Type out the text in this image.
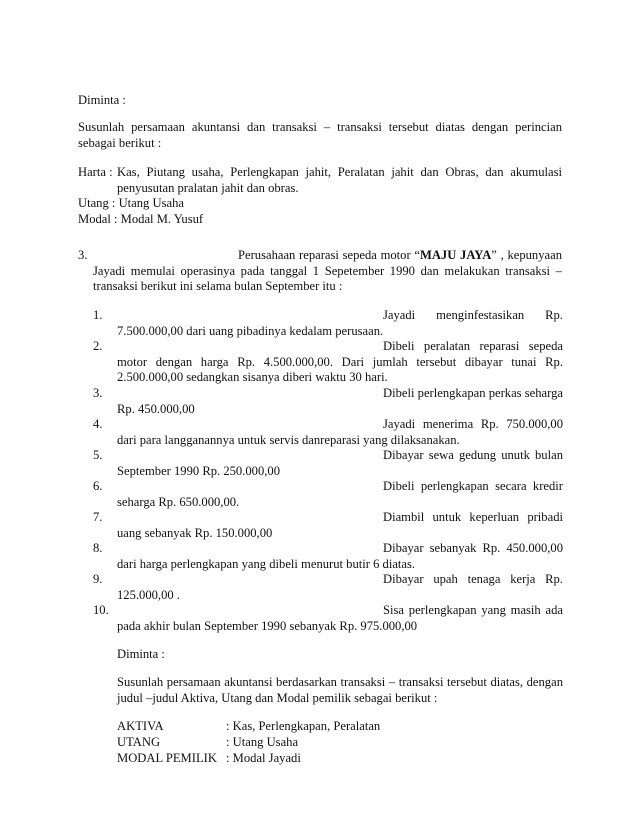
Diminta :
Susunlah persamaan akuntansi dan transaksi – transaksi tersebut diatas dengan perincian sebagai berikut :
Harta : Kas, Piutang usaha, Perlengkapan jahit, Peralatan jahit dan Obras, dan akumulasi penyusutan pralatan jahit dan obras.
Utang : Utang Usaha
Modal : Modal M. Yusuf
3.	Perusahaan reparasi sepeda motor “MAJU JAYA” , kepunyaan
Jayadi memulai operasinya pada tanggal 1 Sepetember 1990 dan melakukan transaksi –
transaksi berikut ini selama bulan September itu :
1.	Jayadi menginfestasikan Rp.
7.500.000,00 dari uang pibadinya kedalam perusaan.
2.	Dibeli peralatan reparasi sepeda
motor dengan harga Rp. 4.500.000,00. Dari jumlah tersebut dibayar tunai Rp. 2.500.000,00 sedangkan sisanya diberi waktu 30 hari.
3.	Dibeli perlengkapan perkas seharga
Rp. 450.000,00
4.	Jayadi menerima Rp. 750.000,00
dari para langganannya untuk servis danreparasi yang dilaksanakan.
5.	Dibayar sewa gedung unutk bulan
September 1990 Rp. 250.000,00
6.	Dibeli perlengkapan secara kredir
seharga Rp. 650.000,00.
7.	Diambil untuk keperluan pribadi
uang sebanyak Rp. 150.000,00
8.	Dibayar sebanyak Rp. 450.000,00
dari harga perlengkapan yang dibeli menurut butir 6 diatas.
9.	Dibayar upah tenaga kerja Rp.
125.000,00 .
10.	Sisa perlengkapan yang masih ada
pada akhir bulan September 1990 sebanyak Rp. 975.000,00
Diminta :
Susunlah persamaan akuntansi berdasarkan transaksi – transaksi tersebut diatas, dengan judul –judul Aktiva, Utang dan Modal pemilik sebagai berikut :
AKTIVA	: Kas, Perlengkapan, Peralatan
UTANG	: Utang Usaha
MODAL PEMILIK : Modal Jayadi
